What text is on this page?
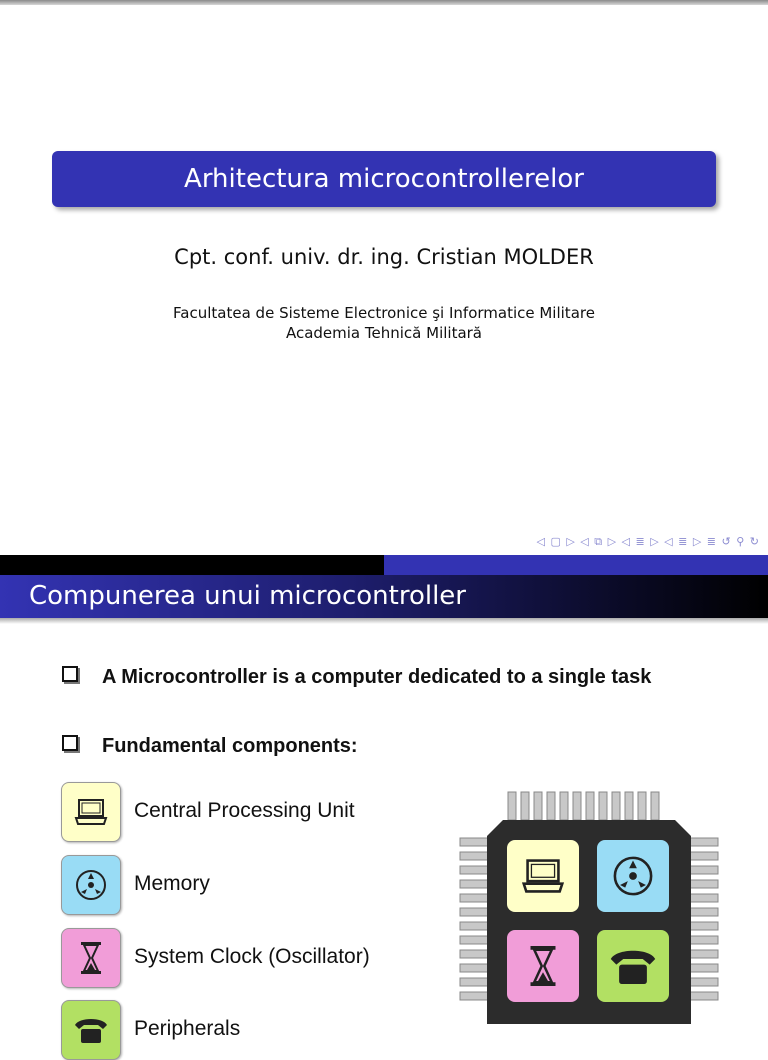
Arhitectura microcontrollerelor
Cpt. conf. univ. dr. ing. Cristian MOLDER
Facultatea de Sisteme Electronice şi Informatice Militare
Academia Tehnică Militară
◁ ▢ ▷ ◁ ⧉ ▷ ◁ ≣ ▷ ◁ ≣ ▷ ≣ ↺ ⚲ ↻
Compunerea unui microcontroller
A Microcontroller is a computer dedicated to a single task
Fundamental components:
Central Processing Unit
Memory
System Clock (Oscillator)
Peripherals
